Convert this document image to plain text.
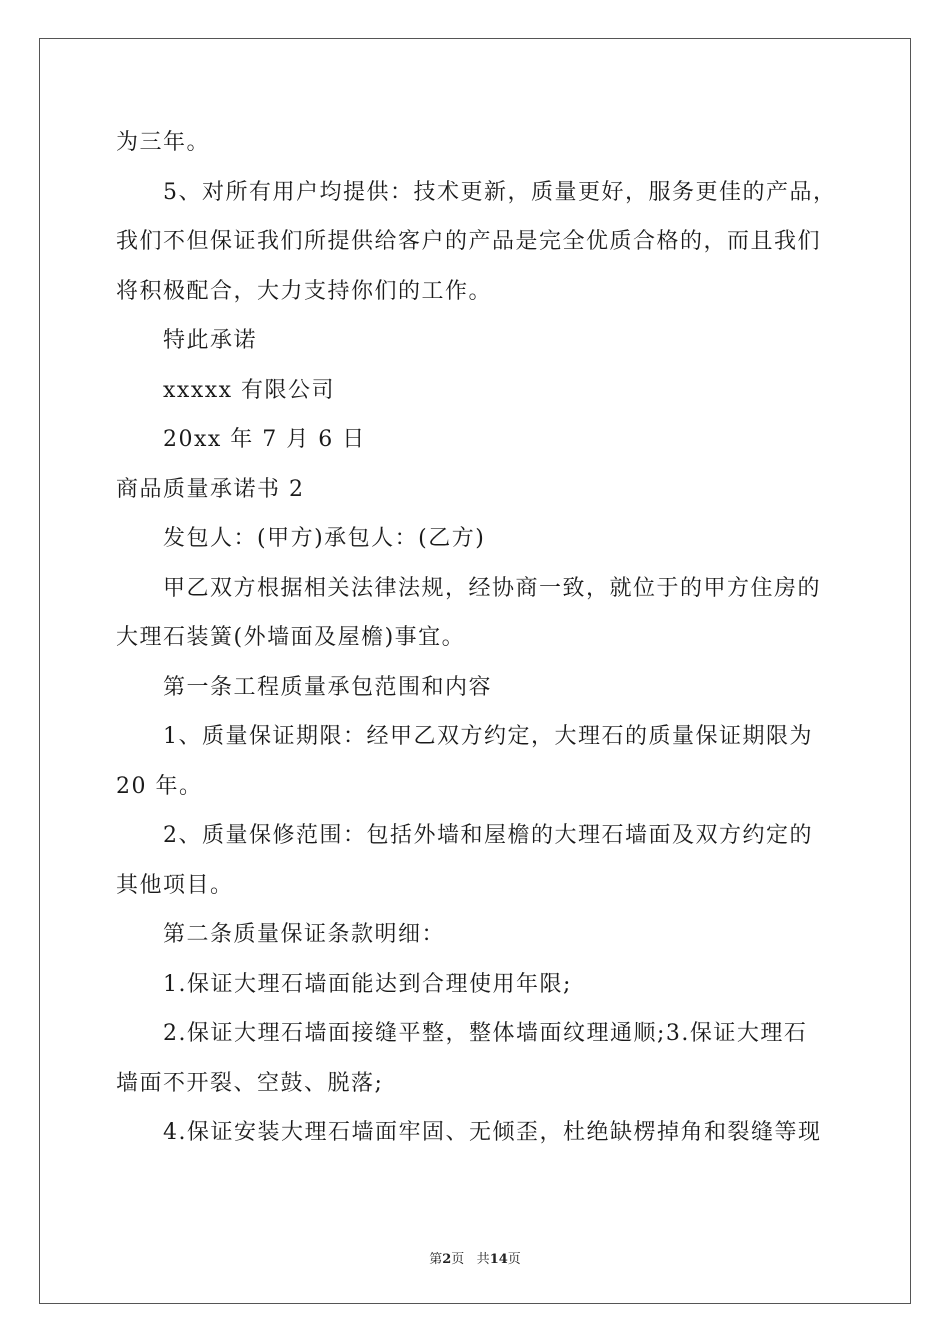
为三年。
5、对所有用户均提供：技术更新，质量更好，服务更佳的产品，
我们不但保证我们所提供给客户的产品是完全优质合格的，而且我们
将积极配合，大力支持你们的工作。
特此承诺
xxxxx 有限公司
20xx 年 7 月 6 日
商品质量承诺书 2
发包人：(甲方)承包人：(乙方)
甲乙双方根据相关法律法规，经协商一致，就位于的甲方住房的
大理石装簧(外墙面及屋檐)事宜。
第一条工程质量承包范围和内容
1、质量保证期限：经甲乙双方约定，大理石的质量保证期限为
20 年。
2、质量保修范围：包括外墙和屋檐的大理石墙面及双方约定的
其他项目。
第二条质量保证条款明细：
1.保证大理石墙面能达到合理使用年限;
2.保证大理石墙面接缝平整，整体墙面纹理通顺;3.保证大理石
墙面不开裂、空鼓、脱落;
4.保证安装大理石墙面牢固、无倾歪，杜绝缺楞掉角和裂缝等现
第2页 共14页
